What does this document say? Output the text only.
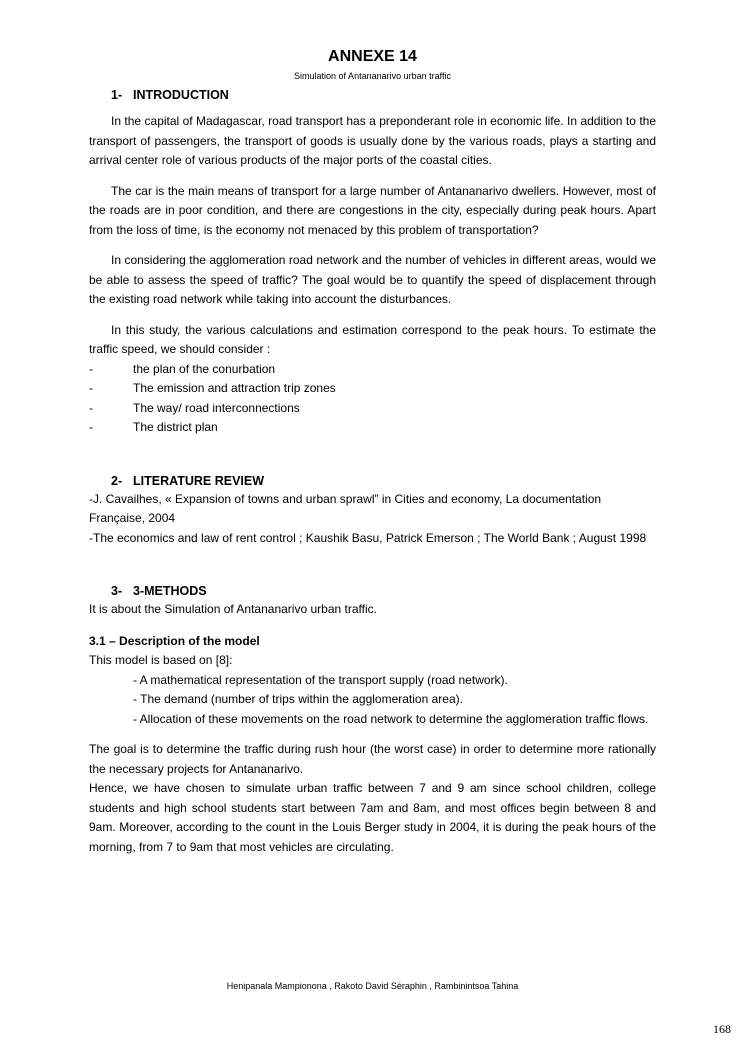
ANNEXE 14

Simulation of Antananarivo urban traffic

1- INTRODUCTION

In the capital of Madagascar, road transport has a preponderant role in economic life. In addition to the transport of passengers, the transport of goods is usually done by the various roads, plays a starting and arrival center role of various products of the major ports of the coastal cities.

The car is the main means of transport for a large number of Antananarivo dwellers. However, most of the roads are in poor condition, and there are congestions in the city, especially during peak hours. Apart from the loss of time, is the economy not menaced by this problem of transportation?

In considering the agglomeration road network and the number of vehicles in different areas, would we be able to assess the speed of traffic? The goal would be to quantify the speed of displacement through the existing road network while taking into account the disturbances.

In this study, the various calculations and estimation correspond to the peak hours. To estimate the traffic speed, we should consider :

-	the plan of the conurbation
-	The emission and attraction trip zones
-	The way/ road interconnections
-	The district plan
2- LITERATURE REVIEW

-J. Cavailhes, « Expansion of towns and urban sprawl” in Cities and economy, La documentation Française, 2004

-The economics and law of rent control ; Kaushik Basu, Patrick Emerson ; The World Bank ; August 1998

3- 3-METHODS

It is about the Simulation of Antananarivo urban traffic.

3.1 – Description of the model

This model is based on [8]:

- A mathematical representation of the transport supply (road network).
- The demand (number of trips within the agglomeration area).
- Allocation of these movements on the road network to determine the agglomeration traffic flows.

The goal is to determine the traffic during rush hour (the worst case) in order to determine more rationally the necessary projects for Antananarivo.

Hence, we have chosen to simulate urban traffic between 7 and 9 am since school children, college students and high school students start between 7am and 8am, and most offices begin between 8 and 9am. Moreover, according to the count in the Louis Berger study in 2004, it is during the peak hours of the morning, from 7 to 9am that most vehicles are circulating.

Henipanala Mampionona , Rakoto David Séraphin , Rambinintsoa Tahina
168
